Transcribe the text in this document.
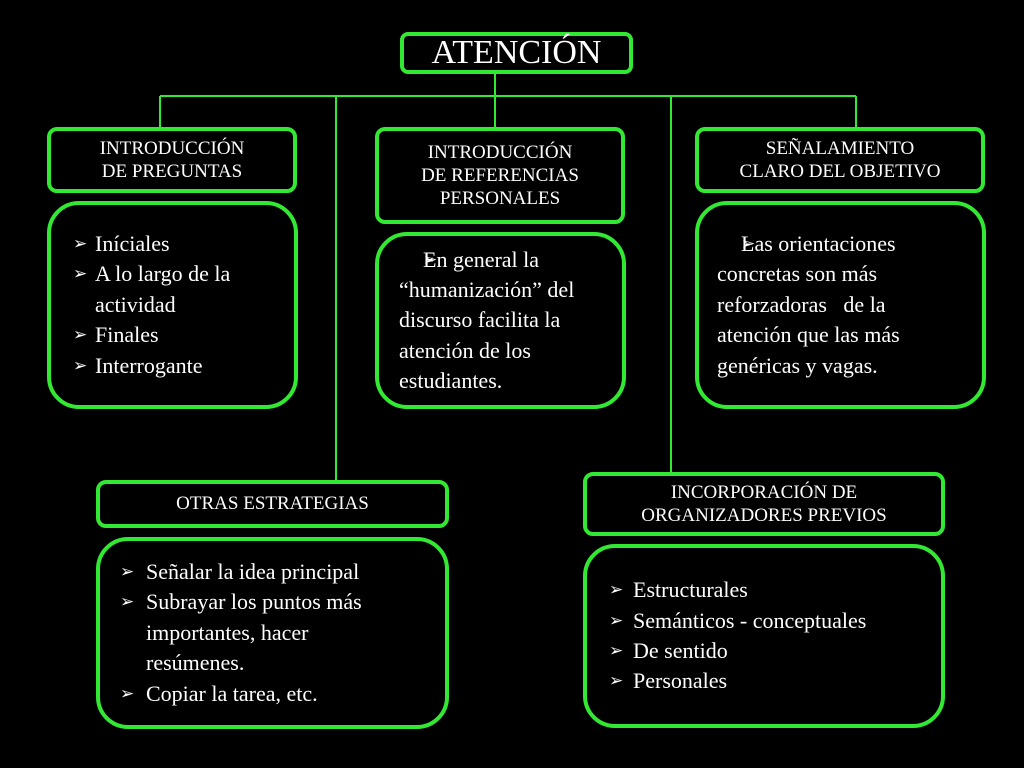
ATENCIÓN
INTRODUCCIÓN
DE PREGUNTAS
➢ Iníciales
➢ A lo largo de la actividad
➢ Finales
➢ Interrogante
INTRODUCCIÓN
DE REFERENCIAS
PERSONALES
➢ En general la “humanización” del discurso facilita la atención de los estudiantes.
SEÑALAMIENTO
CLARO DEL OBJETIVO
➢ Las orientaciones concretas son más reforzadoras   de la atención que las más genéricas y vagas.
OTRAS ESTRATEGIAS
➢ Señalar la idea principal
➢ Subrayar los puntos más importantes, hacer resúmenes.
➢ Copiar la tarea, etc.
INCORPORACIÓN DE
ORGANIZADORES PREVIOS
➢ Estructurales
➢ Semánticos - conceptuales
➢ De sentido
➢ Personales
